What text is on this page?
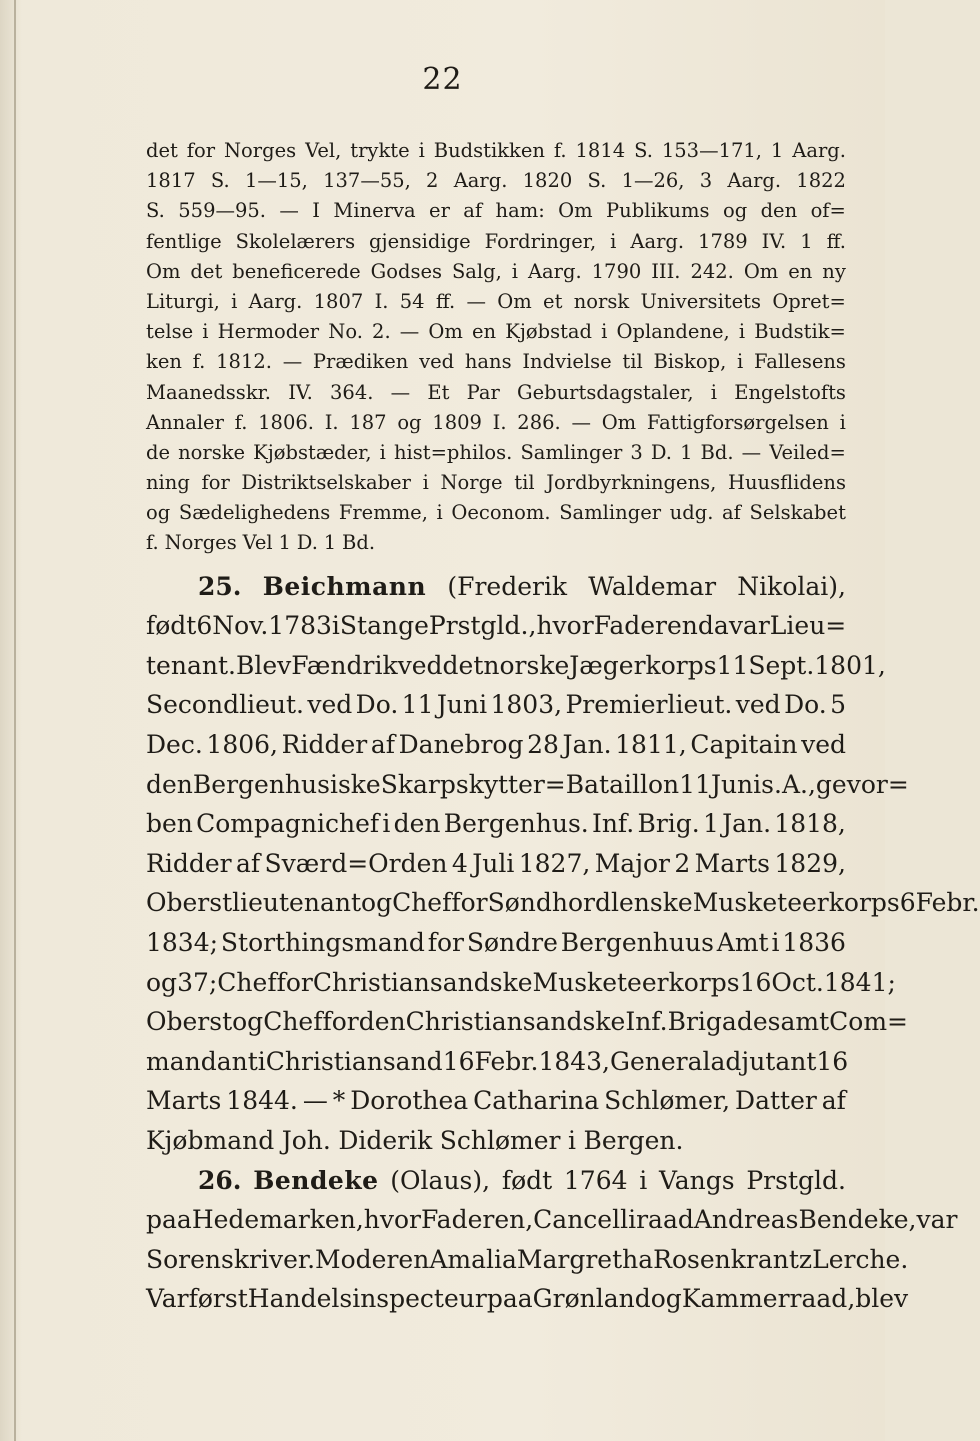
22
det for Norges Vel, trykte i Budstikken f. 1814 S. 153—171, 1 Aarg.
1817 S. 1—15, 137—55, 2 Aarg. 1820 S. 1—26, 3 Aarg. 1822
S. 559—95. — I Minerva er af ham: Om Publikums og den of=
fentlige Skolelærers gjensidige Fordringer, i Aarg. 1789 IV. 1 ff.
Om det beneficerede Godses Salg, i Aarg. 1790 III. 242. Om en ny
Liturgi, i Aarg. 1807 I. 54 ff. — Om et norsk Universitets Opret=
telse i Hermoder No. 2. — Om en Kjøbstad i Oplandene, i Budstik=
ken f. 1812. — Prædiken ved hans Indvielse til Biskop, i Fallesens
Maanedsskr. IV. 364. — Et Par Geburtsdagstaler, i Engelstofts
Annaler f. 1806. I. 187 og 1809 I. 286. — Om Fattigforsørgelsen i
de norske Kjøbstæder, i hist=philos. Samlinger 3 D. 1 Bd. — Veiled=
ning for Distriktselskaber i Norge til Jordbyrkningens, Huusflidens
og Sædelighedens Fremme, i Oeconom. Samlinger udg. af Selskabet
f. Norges Vel 1 D. 1 Bd.
25. Beichmann (Frederik Waldemar Nikolai),
født 6 Nov. 1783 i Stange Prstgld., hvor Faderen da var Lieu=
tenant. Blev Fændrik ved det norske Jægerkorps 11 Sept. 1801,
Secondlieut. ved Do. 11 Juni 1803, Premierlieut. ved Do. 5
Dec. 1806, Ridder af Danebrog 28 Jan. 1811, Capitain ved
den Bergenhusiske Skarpskytter=Bataillon 11 Juni s. A., gevor=
ben Compagnichef i den Bergenhus. Inf. Brig. 1 Jan. 1818,
Ridder af Sværd=Orden 4 Juli 1827, Major 2 Marts 1829,
Oberstlieutenant og Chef for Søndhordlenske Musketeerkorps 6 Febr.
1834; Storthingsmand for Søndre Bergenhuus Amt i 1836
og 37; Chef for Christiansandske Musketeerkorps 16 Oct. 1841;
Oberst og Chef for den Christiansandske Inf. Brigade samt Com=
mandant i Christiansand 16 Febr. 1843, Generaladjutant 16
Marts 1844. — * Dorothea Catharina Schlømer, Datter af
Kjøbmand Joh. Diderik Schlømer i Bergen.
26. Bendeke (Olaus), født 1764 i Vangs Prstgld.
paa Hedemarken, hvor Faderen, Cancelliraad Andreas Bendeke, var
Sorenskriver. Moderen Amalia Margretha Rosenkrantz Lerche.
Var først Handelsinspecteur paa Grønland og Kammerraad, blev
